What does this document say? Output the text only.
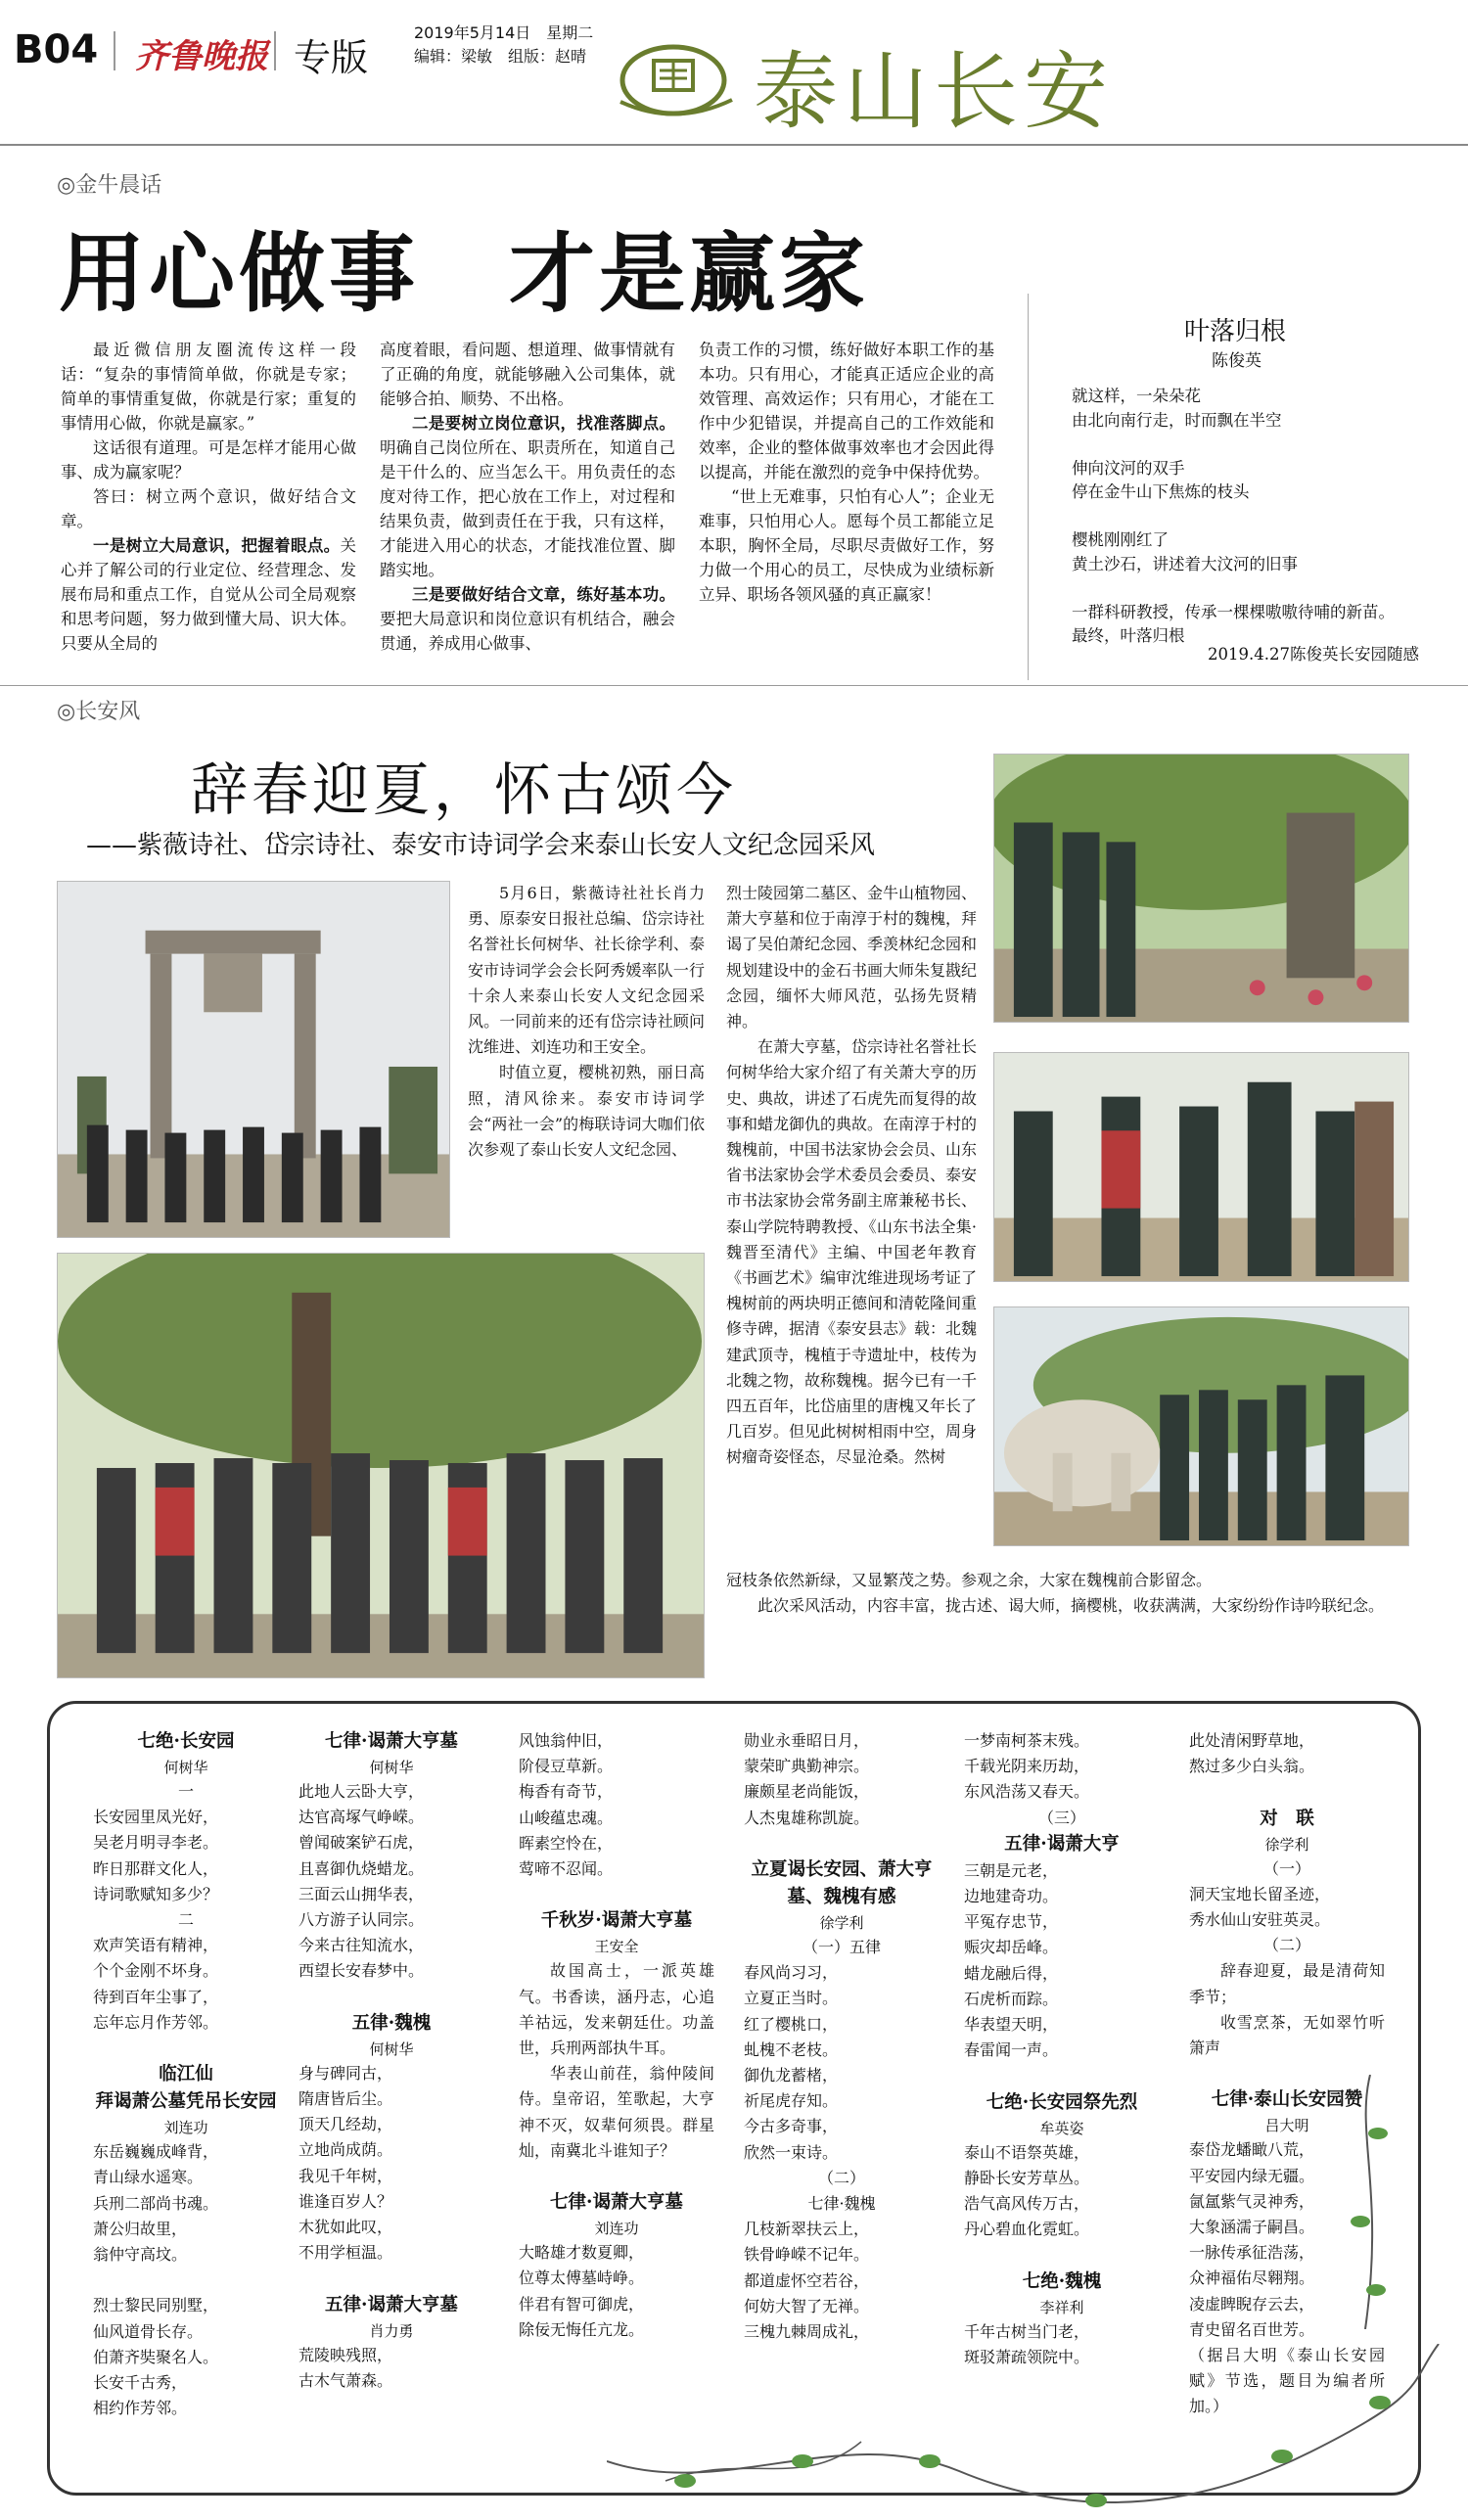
B04 齐鲁晚报 专版
2019年5月14日　星期二
编辑：梁敏　组版：赵晴 泰山长安
◎金牛晨话
用心做事　才是赢家

最近微信朋友圈流传这样一段话：“复杂的事情简单做，你就是专家；简单的事情重复做，你就是行家；重复的事情用心做，你就是赢家。”

这话很有道理。可是怎样才能用心做事、成为赢家呢？

答曰：树立两个意识，做好结合文章。

一是树立大局意识，把握着眼点。关心并了解公司的行业定位、经营理念、发展布局和重点工作，自觉从公司全局观察和思考问题，努力做到懂大局、识大体。只要从全局的

高度着眼，看问题、想道理、做事情就有了正确的角度，就能够融入公司集体，就能够合拍、顺势、不出格。

二是要树立岗位意识，找准落脚点。明确自己岗位所在、职责所在，知道自己是干什么的、应当怎么干。用负责任的态度对待工作，把心放在工作上，对过程和结果负责，做到责任在于我，只有这样，才能进入用心的状态，才能找准位置、脚踏实地。

三是要做好结合文章，练好基本功。要把大局意识和岗位意识有机结合，融会贯通，养成用心做事、

负责工作的习惯，练好做好本职工作的基本功。只有用心，才能真正适应企业的高效管理、高效运作；只有用心，才能在工作中少犯错误，并提高自己的工作效能和效率，企业的整体做事效率也才会因此得以提高，并能在激烈的竞争中保持优势。

“世上无难事，只怕有心人”；企业无难事，只怕用心人。愿每个员工都能立足本职，胸怀全局，尽职尽责做好工作，努力做一个用心的员工，尽快成为业绩标新立异、职场各领风骚的真正赢家！

叶落归根
陈俊英

就这样，一朵朵花

由北向南行走，时而飘在半空

伸向汶河的双手

停在金牛山下焦炼的枝头

樱桃刚刚红了

黄土沙石，讲述着大汶河的旧事

一群科研教授，传承一棵棵嗷嗷待哺的新苗。最终，叶落归根

2019.4.27陈俊英长安园随感
◎长安风
辞春迎夏，怀古颂今
——紫薇诗社、岱宗诗社、泰安市诗词学会来泰山长安人文纪念园采风

5月6日，紫薇诗社社长肖力勇、原泰安日报社总编、岱宗诗社名誉社长何树华、社长徐学利、泰安市诗词学会会长阿秀媛率队一行十余人来泰山长安人文纪念园采风。一同前来的还有岱宗诗社顾问沈维进、刘连功和王安全。

时值立夏，樱桃初熟，丽日高照，清风徐来。泰安市诗词学会“两社一会”的梅联诗词大咖们依次参观了泰山长安人文纪念园、

烈士陵园第二墓区、金牛山植物园、萧大亨墓和位于南淳于村的魏槐，拜谒了吴伯萧纪念园、季羡林纪念园和规划建设中的金石书画大师朱复戡纪念园，缅怀大师风范，弘扬先贤精神。

在萧大亨墓，岱宗诗社名誉社长何树华给大家介绍了有关萧大亨的历史、典故，讲述了石虎先而复得的故事和蜡龙御仇的典故。在南淳于村的魏槐前，中国书法家协会会员、山东省书法家协会学术委员会委员、泰安市书法家协会常务副主席兼秘书长、泰山学院特聘教授、《山东书法全集·魏晋至清代》主编、中国老年教育《书画艺术》编审沈维进现场考证了槐树前的两块明正德间和清乾隆间重修寺碑，据清《泰安县志》载：北魏建武顶寺，槐植于寺遗址中，枝传为北魏之物，故称魏槐。据今已有一千四五百年，比岱庙里的唐槐又年长了几百岁。但见此树树相雨中空，周身树瘤奇姿怪态，尽显沧桑。然树

冠枝条依然新绿，又显繁茂之势。参观之余，大家在魏槐前合影留念。

此次采风活动，内容丰富，拢古述、谒大师，摘樱桃，收获满满，大家纷纷作诗吟联纪念。

七绝·长安园

何树华

一

长安园里凤光好，

吴老月明寻李老。

昨日那群文化人，

诗词歌赋知多少？

二

欢声笑语有精神，

个个金刚不坏身。

待到百年尘事了，

忘年忘月作芳邻。

临江仙

拜谒萧公墓凭吊长安园

刘连功

东岳巍巍成峰背，

青山绿水遥寒。

兵刑二部尚书魂。

萧公归故里，

翁仲守高坟。

烈士黎民同别墅，

仙风道骨长存。

伯萧齐奘聚名人。

长安千古秀，

相约作芳邻。

七律·谒萧大亨墓

何树华

此地人云卧大亨，

达官高塚气峥嵘。

曾闻破案铲石虎，

且喜御仇烧蜡龙。

三面云山拥华表，

八方游子认同宗。

今来古往知流水，

西望长安春梦中。

五律·魏槐

何树华

身与碑同古，

隋唐皆后尘。

顶天几经劫，

立地尚成荫。

我见千年树，

谁逢百岁人？

木犹如此叹，

不用学桓温。

五律·谒萧大亨墓

肖力勇

荒陵映残照，

古木气萧森。

风蚀翁仲旧，

阶侵豆草新。

梅香有奇节，

山峻蕴忠魂。

晖素空怜在，

莺啼不忍闻。

千秋岁·谒萧大亨墓

王安全

故国高士，一派英雄气。书香读，涵丹志，心追羊祜远，发来朝廷仕。功盖世，兵刑两部执牛耳。

华表山前荏，翁仲陵间侍。皇帝诏，笙歌起，大亨神不灭，奴辈何须畏。群星灿，南冀北斗谁知子？

七律·谒萧大亨墓

刘连功

大略雄才数夏卿，

位尊太傅墓峙峥。

伴君有智可御虎，

除佞无悔任亢龙。

勋业永垂昭日月，

蒙荣旷典勤神宗。

廉颇星老尚能饭，

人杰鬼雄称凯旋。

立夏谒长安园、萧大亨墓、魏槐有感

徐学利

（一）五律

春风尚习习，

立夏正当时。

红了樱桃口，

虬槐不老枝。

御仇龙蓄楮，

祈尾虎存知。

今古多奇事，

欣然一束诗。

（二）

七律·魏槐

几枝新翠扶云上，

铁骨峥嵘不记年。

都道虚怀空若谷，

何妨大智了无禅。

三槐九棘周成礼，

一梦南柯茶末残。

千载光阴来历劫，

东风浩荡又春天。

（三）

五律·谒萧大亨

三朝是元老，

边地建奇功。

平冤存忠节，

赈灾却岳峰。

蜡龙融后得，

石虎析而踪。

华表望天明，

春雷闻一声。

七绝·长安园祭先烈

牟英姿

泰山不语祭英雄，

静卧长安芳草丛。

浩气高风传万古，

丹心碧血化霓虹。

七绝·魏槐

李祥利

千年古树当门老，

斑驳萧疏领院中。

此处清闲野草地，

熬过多少白头翁。

对　联

徐学利

（一）

洞天宝地长留圣迹，

秀水仙山安驻英灵。

（二）

辞春迎夏，最是清荷知季节；

收雪烹茶，无如翠竹听箫声

七律·泰山长安园赞

吕大明

泰岱龙蟠瞰八荒，

平安园内绿无疆。

氤氲紫气灵神秀，

大象涵濡子嗣昌。

一脉传承征浩荡，

众神福佑尽翱翔。

凌虚睥睨存云去，

青史留名百世芳。

（据吕大明《泰山长安园赋》节选，题目为编者所加。）
